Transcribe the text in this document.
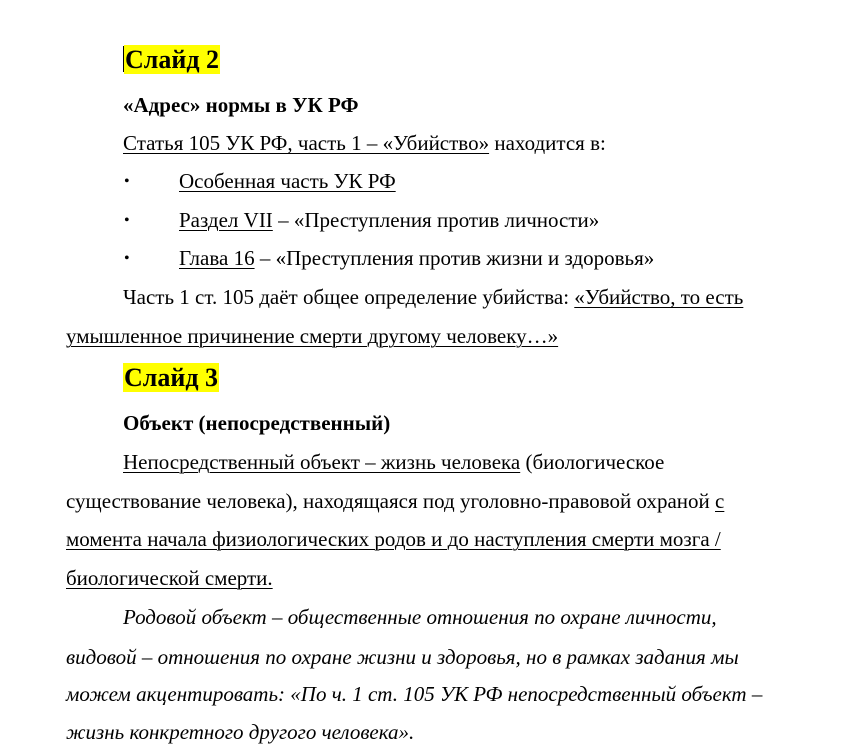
Слайд 2
«Адрес» нормы в УК РФ
Статья 105 УК РФ, часть 1 – «Убийство» находится в:
• Особенная часть УК РФ
• Раздел VII – «Преступления против личности»
• Глава 16 – «Преступления против жизни и здоровья»
Часть 1 ст. 105 даёт общее определение убийства: «Убийство, то есть
умышленное причинение смерти другому человеку…»
Слайд 3
Объект (непосредственный)
Непосредственный объект – жизнь человека (биологическое
существование человека), находящаяся под уголовно-правовой охраной с
момента начала физиологических родов и до наступления смерти мозга /
биологической смерти.
Родовой объект – общественные отношения по охране личности,
видовой – отношения по охране жизни и здоровья, но в рамках задания мы
можем акцентировать: «По ч. 1 ст. 105 УК РФ непосредственный объект –
жизнь конкретного другого человека».
